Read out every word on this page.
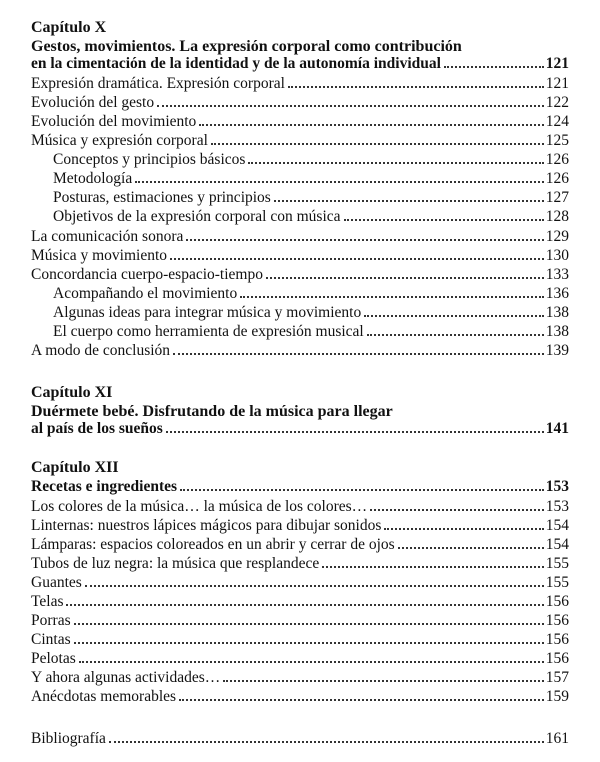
Capítulo X
Gestos, movimientos. La expresión corporal como contribución
en la cimentación de la identidad y de la autonomía individual	121
Expresión dramática. Expresión corporal	121
Evolución del gesto	122
Evolución del movimiento	124
Música y expresión corporal	125
Conceptos y principios básicos	126
Metodología	126
Posturas, estimaciones y principios	127
Objetivos de la expresión corporal con música	128
La comunicación sonora	129
Música y movimiento	130
Concordancia cuerpo-espacio-tiempo	133
Acompañando el movimiento	136
Algunas ideas para integrar música y movimiento	138
El cuerpo como herramienta de expresión musical	138
A modo de conclusión	139
Capítulo XI
Duérmete bebé. Disfrutando de la música para llegar
al país de los sueños	141
Capítulo XII
Recetas e ingredientes	153
Los colores de la música… la música de los colores…	153
Linternas: nuestros lápices mágicos para dibujar sonidos	154
Lámparas: espacios coloreados en un abrir y cerrar de ojos	154
Tubos de luz negra: la música que resplandece	155
Guantes	155
Telas	156
Porras	156
Cintas	156
Pelotas	156
Y ahora algunas actividades…	157
Anécdotas memorables	159
Bibliografía	161
